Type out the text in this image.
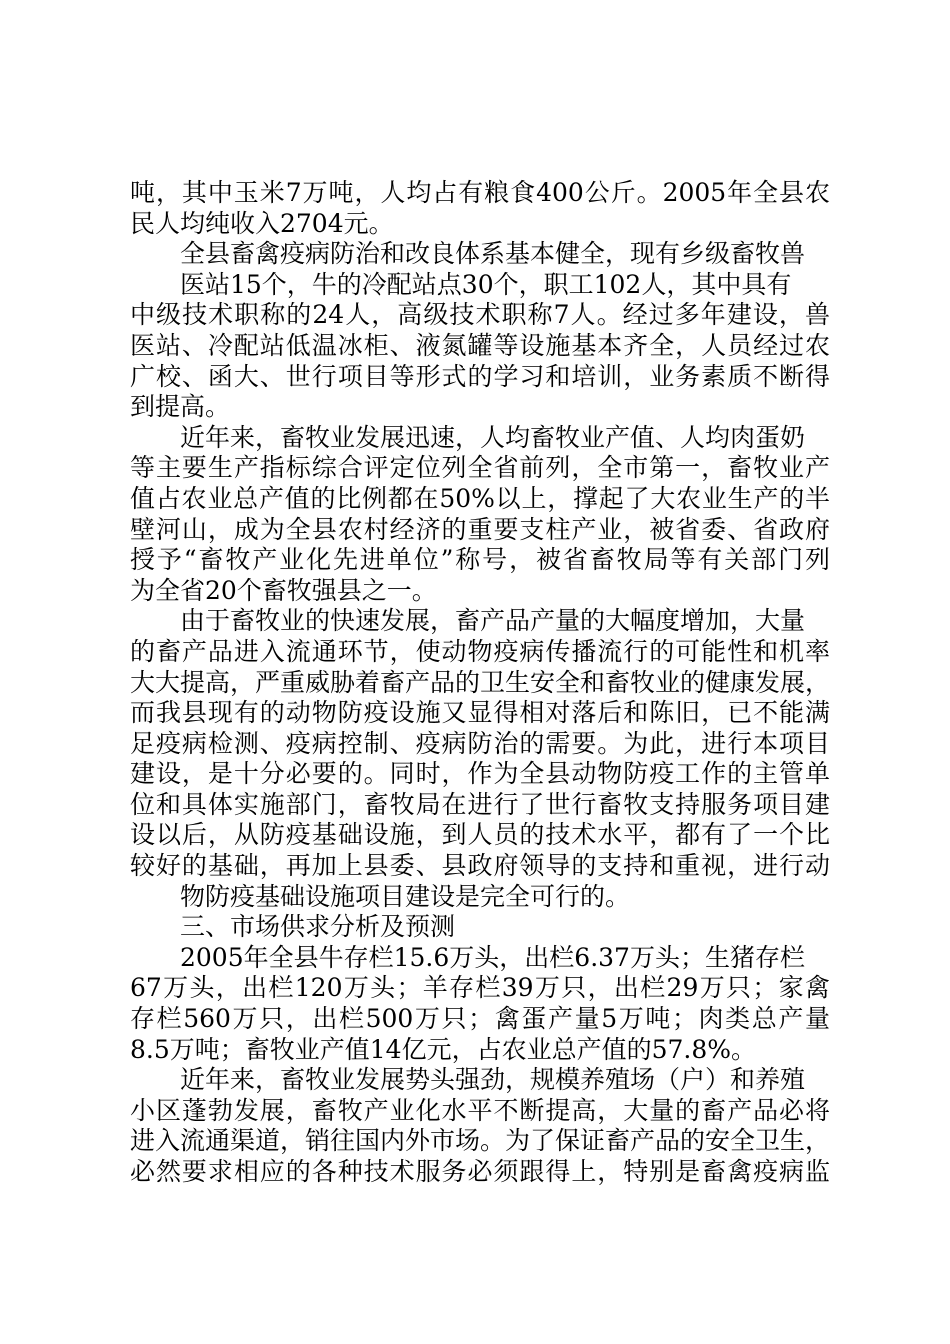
吨，其中玉米7万吨，人均占有粮食400公斤。2005年全县农
民人均纯收入2704元。
全县畜禽疫病防治和改良体系基本健全，现有乡级畜牧兽
医站15个，牛的冷配站点30个，职工102人，其中具有
中级技术职称的24人，高级技术职称7人。经过多年建设，兽
医站、冷配站低温冰柜、液氮罐等设施基本齐全，人员经过农
广校、函大、世行项目等形式的学习和培训，业务素质不断得
到提高。
近年来，畜牧业发展迅速，人均畜牧业产值、人均肉蛋奶
等主要生产指标综合评定位列全省前列，全市第一，畜牧业产
值占农业总产值的比例都在50%以上，撑起了大农业生产的半
壁河山，成为全县农村经济的重要支柱产业，被省委、省政府
授予“畜牧产业化先进单位”称号，被省畜牧局等有关部门列
为全省20个畜牧强县之一。
由于畜牧业的快速发展，畜产品产量的大幅度增加，大量
的畜产品进入流通环节，使动物疫病传播流行的可能性和机率
大大提高，严重威胁着畜产品的卫生安全和畜牧业的健康发展，
而我县现有的动物防疫设施又显得相对落后和陈旧，已不能满
足疫病检测、疫病控制、疫病防治的需要。为此，进行本项目
建设，是十分必要的。同时，作为全县动物防疫工作的主管单
位和具体实施部门，畜牧局在进行了世行畜牧支持服务项目建
设以后，从防疫基础设施，到人员的技术水平，都有了一个比
较好的基础，再加上县委、县政府领导的支持和重视，进行动
物防疫基础设施项目建设是完全可行的。
三、市场供求分析及预测
2005年全县牛存栏15.6万头，出栏6.37万头；生猪存栏
67万头，出栏120万头；羊存栏39万只，出栏29万只；家禽
存栏560万只，出栏500万只；禽蛋产量5万吨；肉类总产量
8.5万吨；畜牧业产值14亿元，占农业总产值的57.8%。
近年来，畜牧业发展势头强劲，规模养殖场（户）和养殖
小区蓬勃发展，畜牧产业化水平不断提高，大量的畜产品必将
进入流通渠道，销往国内外市场。为了保证畜产品的安全卫生，
必然要求相应的各种技术服务必须跟得上，特别是畜禽疫病监
